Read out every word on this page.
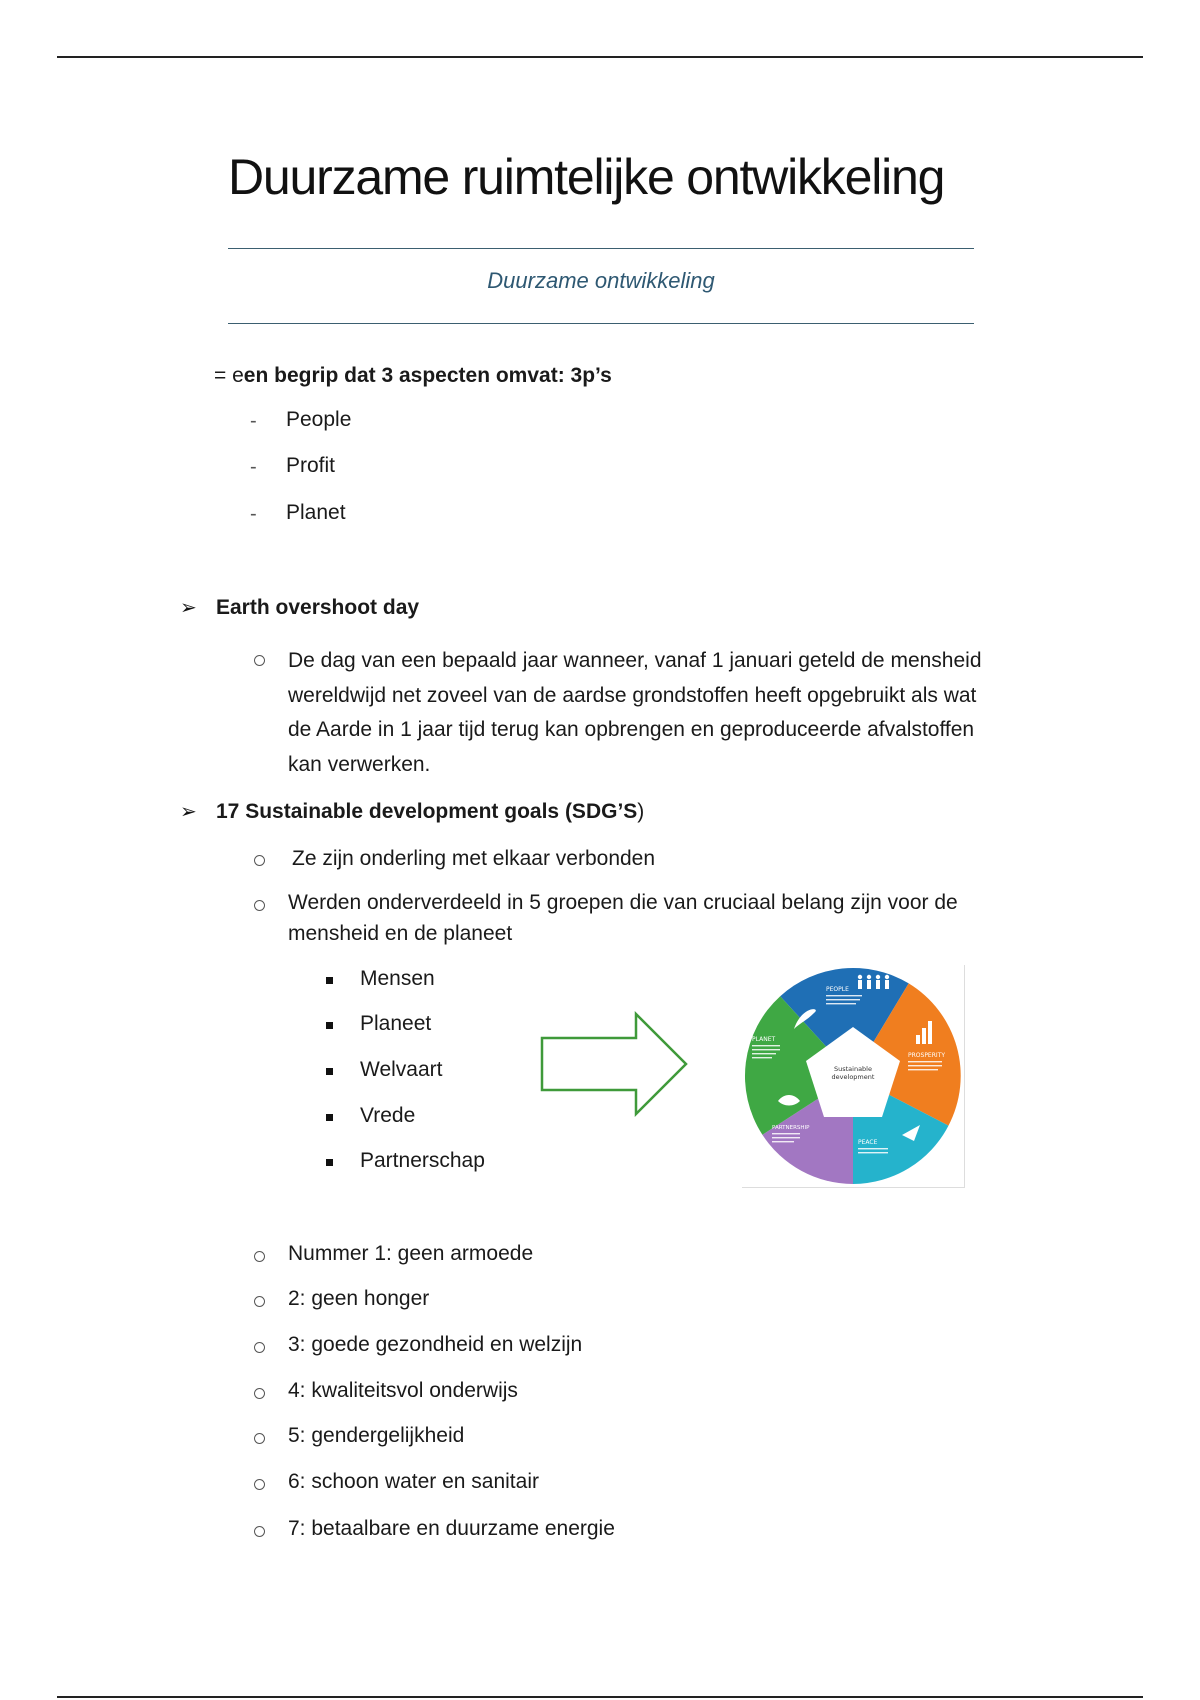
Duurzame ruimtelijke ontwikkeling
Duurzame ontwikkeling
= een begrip dat 3 aspecten omvat: 3p’s
- People
- Profit
- Planet
➢ Earth overshoot day
De dag van een bepaald jaar wanneer, vanaf 1 januari geteld de mensheid
wereldwijd net zoveel van de aardse grondstoffen heeft opgebruikt als wat
de Aarde in 1 jaar tijd terug kan opbrengen en geproduceerde afvalstoffen
kan verwerken.
➢ 17 Sustainable development goals (SDG’S)
Ze zijn onderling met elkaar verbonden
Werden onderverdeeld in 5 groepen die van cruciaal belang zijn voor de
mensheid en de planeet
Mensen
Planeet
Welvaart
Vrede
Partnerschap
Sustainable
development
PEOPLE
PROSPERITY
PEACE
PARTNERSHIP
PLANET
Nummer 1: geen armoede
2: geen honger
3: goede gezondheid en welzijn
4: kwaliteitsvol onderwijs
5: gendergelijkheid
6: schoon water en sanitair
7: betaalbare en duurzame energie
